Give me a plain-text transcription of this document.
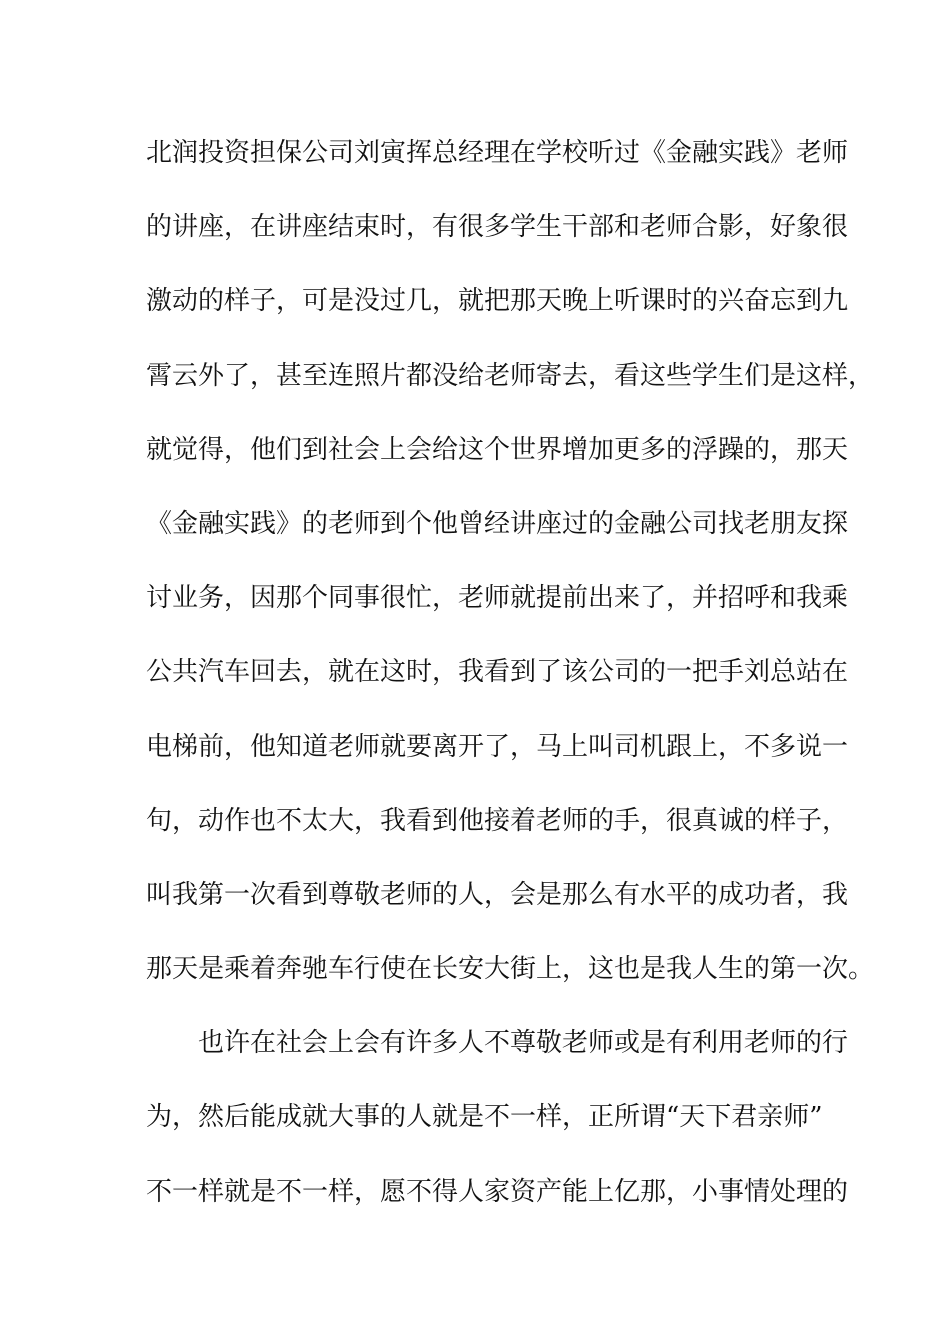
北润投资担保公司刘寅挥总经理在学校听过《金融实践》老师
的讲座，在讲座结束时，有很多学生干部和老师合影，好象很
激动的样子，可是没过几，就把那天晚上听课时的兴奋忘到九
霄云外了，甚至连照片都没给老师寄去，看这些学生们是这样，
就觉得，他们到社会上会给这个世界增加更多的浮躁的，那天
《金融实践》的老师到个他曾经讲座过的金融公司找老朋友探
讨业务，因那个同事很忙，老师就提前出来了，并招呼和我乘
公共汽车回去，就在这时，我看到了该公司的一把手刘总站在
电梯前，他知道老师就要离开了，马上叫司机跟上，不多说一
句，动作也不太大，我看到他接着老师的手，很真诚的样子，
叫我第一次看到尊敬老师的人，会是那么有水平的成功者，我
那天是乘着奔驰车行使在长安大街上，这也是我人生的第一次。
也许在社会上会有许多人不尊敬老师或是有利用老师的行
为，然后能成就大事的人就是不一样，正所谓“天下君亲师”
不一样就是不一样，愿不得人家资产能上亿那，小事情处理的
